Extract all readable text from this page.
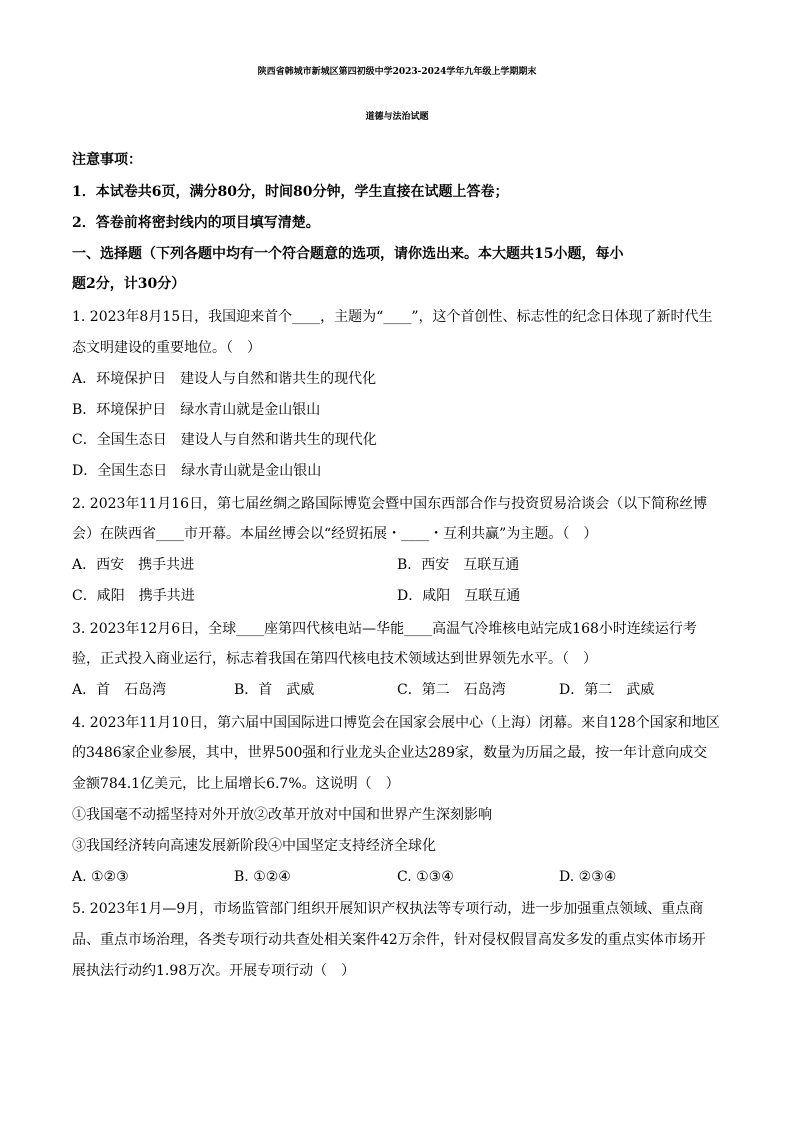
陕西省韩城市新城区第四初级中学2023-2024学年九年级上学期期末
道德与法治试题
注意事项：
1．本试卷共6页，满分80分，时间80分钟，学生直接在试题上答卷；
2．答卷前将密封线内的项目填写清楚。
一、选择题（下列各题中均有一个符合题意的选项，请你选出来。本大题共15小题，每小
题2分，计30分）
1. 2023年8月15日，我国迎来首个____，主题为“____”，这个首创性、标志性的纪念日体现了新时代生
态文明建设的重要地位。（　）
A．环境保护日　建设人与自然和谐共生的现代化
B．环境保护日　绿水青山就是金山银山
C．全国生态日　建设人与自然和谐共生的现代化
D．全国生态日　绿水青山就是金山银山
2. 2023年11月16日，第七届丝绸之路国际博览会暨中国东西部合作与投资贸易洽谈会（以下简称丝博
会）在陕西省____市开幕。本届丝博会以“经贸拓展・____・互利共赢”为主题。（　）
A．西安　携手共进	B．西安　互联互通
C．咸阳　携手共进	D．咸阳　互联互通
3. 2023年12月6日，全球____座第四代核电站—华能____高温气冷堆核电站完成168小时连续运行考
验，正式投入商业运行，标志着我国在第四代核电技术领域达到世界领先水平。（　）
A．首　石岛湾	B．首　武威	C．第二　石岛湾	D．第二　武威
4. 2023年11月10日，第六届中国国际进口博览会在国家会展中心（上海）闭幕。来自128个国家和地区
的3486家企业参展，其中，世界500强和行业龙头企业达289家，数量为历届之最，按一年计意向成交
金额784.1亿美元，比上届增长6.7%。这说明（　）
①我国毫不动摇坚持对外开放②改革开放对中国和世界产生深刻影响
③我国经济转向高速发展新阶段④中国坚定支持经济全球化
A. ①②③	B. ①②④	C. ①③④	D. ②③④
5. 2023年1月—9月，市场监管部门组织开展知识产权执法等专项行动，进一步加强重点领域、重点商
品、重点市场治理，各类专项行动共查处相关案件42万余件，针对侵权假冒高发多发的重点实体市场开
展执法行动约1.98万次。开展专项行动（　）
